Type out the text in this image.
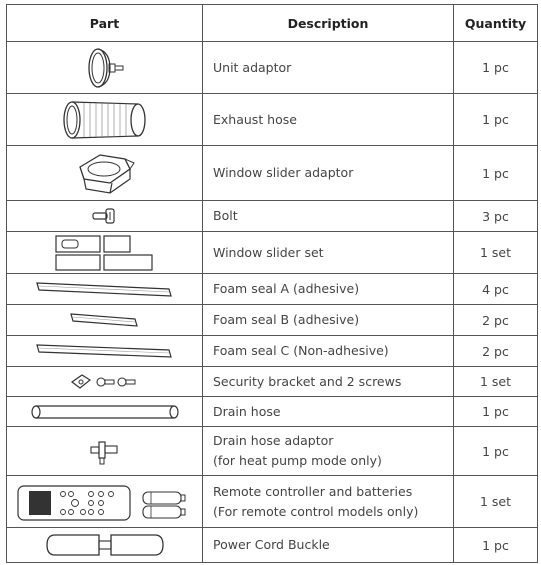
Part	Description	Quantity

	Unit adaptor	1 pc

	Exhaust hose	1 pc

	Window slider adaptor	1 pc

	Bolt	3 pc

	Window slider set	1 set

	Foam seal A (adhesive)	4 pc

	Foam seal B (adhesive)	2 pc

	Foam seal C (Non-adhesive)	2 pc

	Security bracket and 2 screws	1 set

	Drain hose	1 pc

Drain hose adaptor
(for heat pump mode only)	1 pc

Remote controller and batteries
(For remote control models only)	1 set

	Power Cord Buckle	1 pc
